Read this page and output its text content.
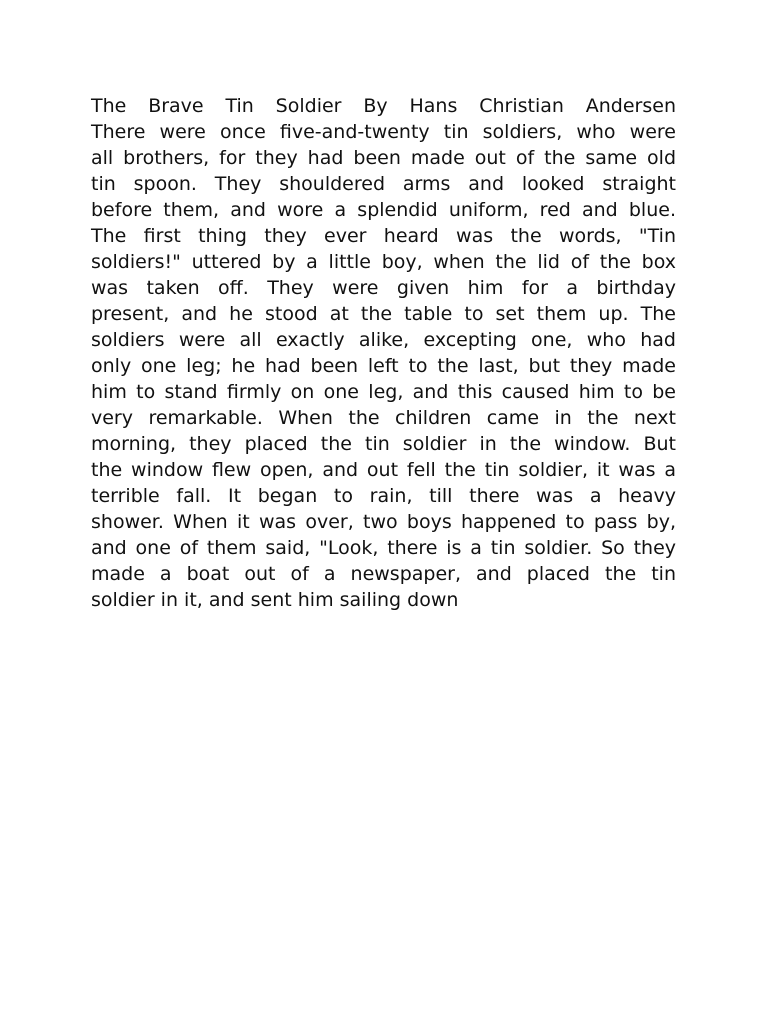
The Brave Tin Soldier By Hans Christian Andersen
There were once five-and-twenty tin soldiers, who were
all brothers, for they had been made out of the same old
tin spoon. They shouldered arms and looked straight
before them, and wore a splendid uniform, red and blue.
The first thing they ever heard was the words, "Tin
soldiers!" uttered by a little boy, when the lid of the box
was taken off. They were given him for a birthday
present, and he stood at the table to set them up. The
soldiers were all exactly alike, excepting one, who had
only one leg; he had been left to the last, but they made
him to stand firmly on one leg, and this caused him to be
very remarkable. When the children came in the next
morning, they placed the tin soldier in the window. But
the window flew open, and out fell the tin soldier, it was a
terrible fall. It began to rain, till there was a heavy
shower. When it was over, two boys happened to pass by,
and one of them said, "Look, there is a tin soldier. So they
made a boat out of a newspaper, and placed the tin
soldier in it, and sent him sailing down
